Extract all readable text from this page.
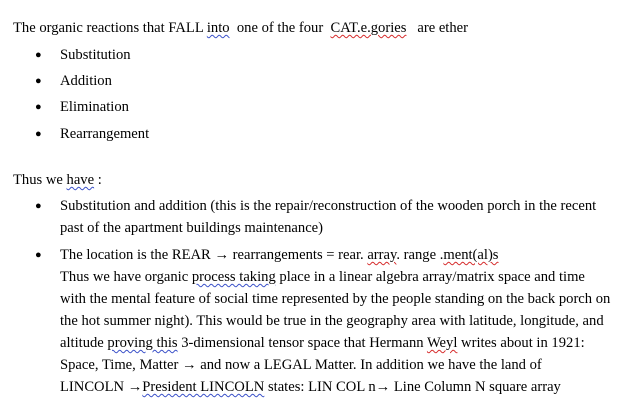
The organic reactions that FALL into  one of the four  CAT.e.gories   are ether
● Substitution
● Addition
● Elimination
● Rearrangement
Thus we have :
● Substitution and addition (this is the repair/reconstruction of the wooden porch in the recent
past of the apartment buildings maintenance)
● The location is the REAR → rearrangements = rear. array. range .ment(al)s
Thus we have organic process taking place in a linear algebra array/matrix space and time
with the mental feature of social time represented by the people standing on the back porch on
the hot summer night). This would be true in the geography area with latitude, longitude, and
altitude proving this 3-dimensional tensor space that Hermann Weyl writes about in 1921:
Space, Time, Matter → and now a LEGAL Matter. In addition we have the land of
LINCOLN →President LINCOLN states: LIN COL n→ Line Column N square array
